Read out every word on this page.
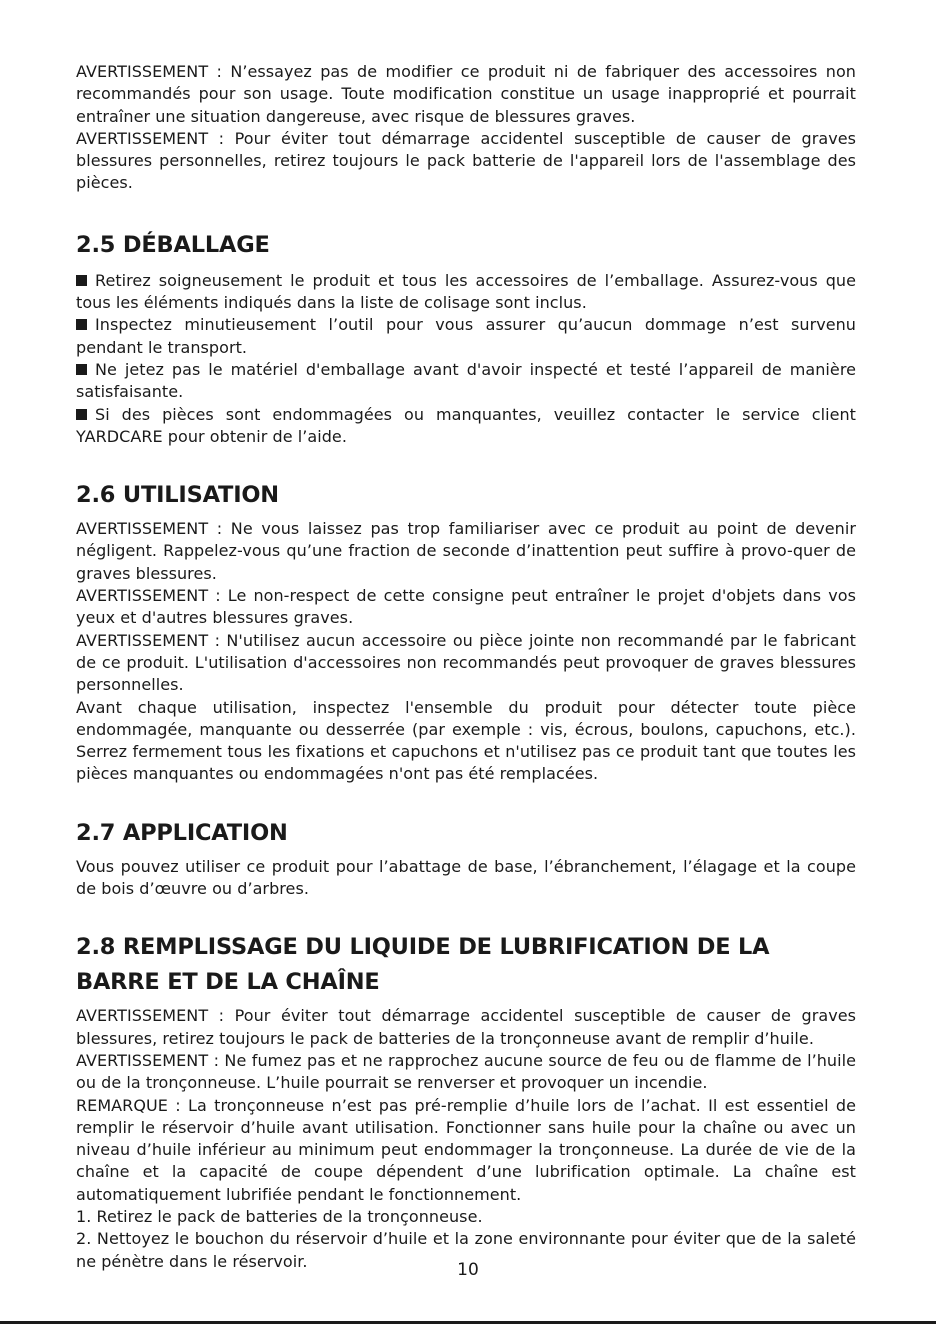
AVERTISSEMENT : N’essayez pas de modifier ce produit ni de fabriquer des accessoires non recommandés pour son usage. Toute modification constitue un usage inapproprié et pourrait entraîner une situation dangereuse, avec risque de blessures graves.

AVERTISSEMENT : Pour éviter tout démarrage accidentel susceptible de causer de graves blessures personnelles, retirez toujours le pack batterie de l'appareil lors de l'assemblage des pièces.

2.5 DÉBALLAGE

Retirez soigneusement le produit et tous les accessoires de l’emballage. Assurez-vous que tous les éléments indiqués dans la liste de colisage sont inclus.

Inspectez minutieusement l’outil pour vous assurer qu’aucun dommage n’est survenu pendant le transport.

Ne jetez pas le matériel d'emballage avant d'avoir inspecté et testé l’appareil de manière satisfaisante.

Si des pièces sont endommagées ou manquantes, veuillez contacter le service client YARDCARE pour obtenir de l’aide.

2.6 UTILISATION

AVERTISSEMENT : Ne vous laissez pas trop familiariser avec ce produit au point de devenir négligent. Rappelez-vous qu’une fraction de seconde d’inattention peut suffire à provo-quer de graves blessures.

AVERTISSEMENT : Le non-respect de cette consigne peut entraîner le projet d'objets dans vos yeux et d'autres blessures graves.

AVERTISSEMENT : N'utilisez aucun accessoire ou pièce jointe non recommandé par le fabricant de ce produit. L'utilisation d'accessoires non recommandés peut provoquer de graves blessures personnelles.

Avant chaque utilisation, inspectez l'ensemble du produit pour détecter toute pièce endommagée, manquante ou desserrée (par exemple : vis, écrous, boulons, capuchons, etc.). Serrez fermement tous les fixations et capuchons et n'utilisez pas ce produit tant que toutes les pièces manquantes ou endommagées n'ont pas été remplacées.

2.7 APPLICATION

Vous pouvez utiliser ce produit pour l’abattage de base, l’ébranchement, l’élagage et la coupe de bois d’œuvre ou d’arbres.

2.8 REMPLISSAGE DU LIQUIDE DE LUBRIFICATION DE LA BARRE ET DE LA CHAÎNE

AVERTISSEMENT : Pour éviter tout démarrage accidentel susceptible de causer de graves blessures, retirez toujours le pack de batteries de la tronçonneuse avant de remplir d’huile.

AVERTISSEMENT : Ne fumez pas et ne rapprochez aucune source de feu ou de flamme de l’huile ou de la tronçonneuse. L’huile pourrait se renverser et provoquer un incendie.

REMARQUE : La tronçonneuse n’est pas pré-remplie d’huile lors de l’achat. Il est essentiel de remplir le réservoir d’huile avant utilisation. Fonctionner sans huile pour la chaîne ou avec un niveau d’huile inférieur au minimum peut endommager la tronçonneuse. La durée de vie de la chaîne et la capacité de coupe dépendent d’une lubrification optimale. La chaîne est automatiquement lubrifiée pendant le fonctionnement.

1. Retirez le pack de batteries de la tronçonneuse.

2. Nettoyez le bouchon du réservoir d’huile et la zone environnante pour éviter que de la saleté ne pénètre dans le réservoir.	10
